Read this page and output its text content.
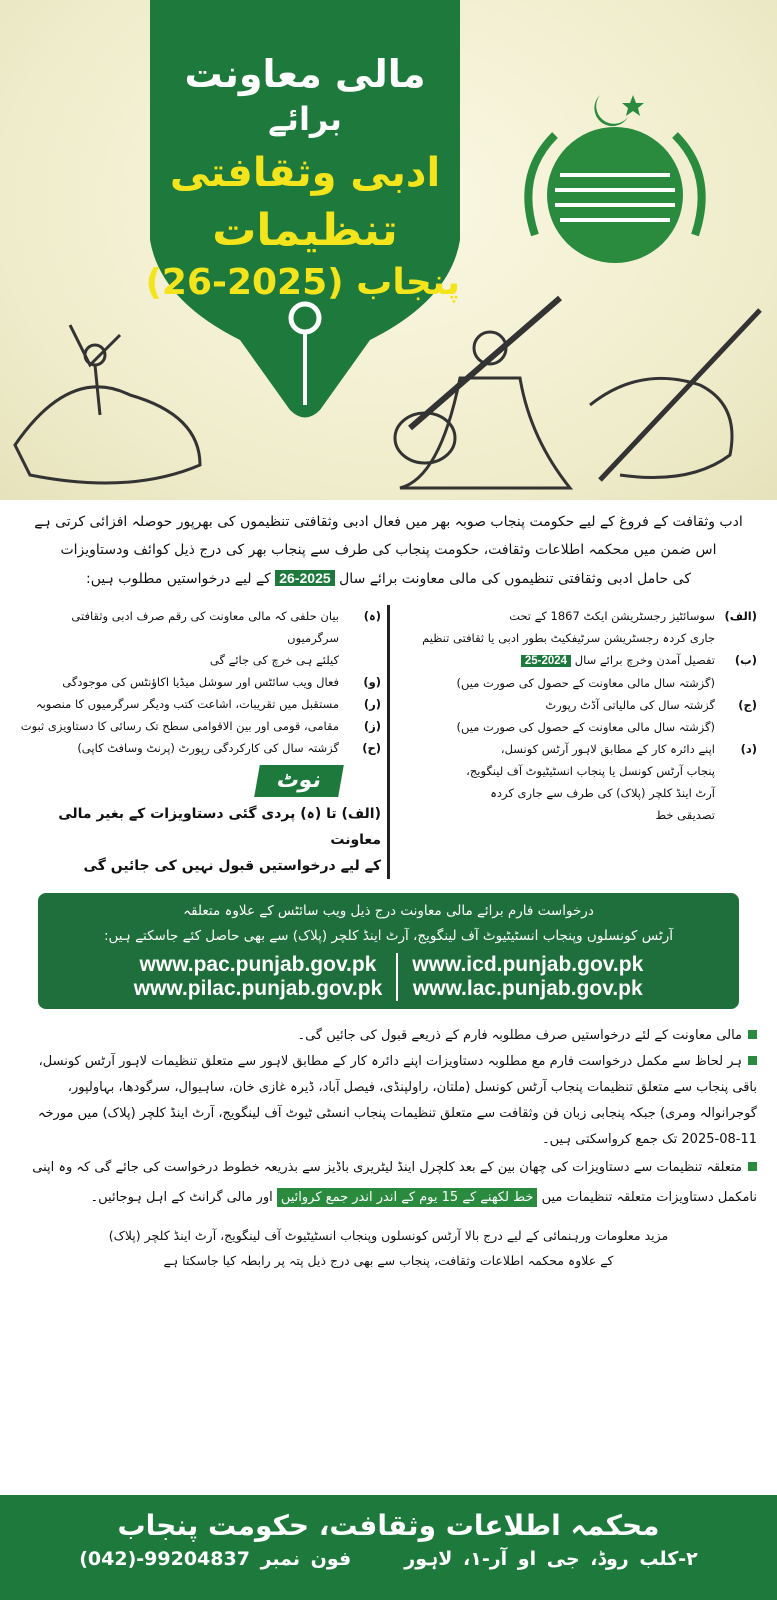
مالی معاونت
برائے
ادبی وثقافتی
تنظیمات
پنجاب (2025-26)
حکومت پنجاب
ادب وثقافت کے فروغ کے لیے حکومت پنجاب صوبہ بھر میں فعال ادبی وثقافتی تنظیموں کی بھرپور حوصلہ افزائی کرتی ہے
اس ضمن میں محکمہ اطلاعات وثقافت، حکومت پنجاب کی طرف سے پنجاب بھر کی درج ذیل کوائف ودستاویزات
کی حامل ادبی وثقافتی تنظیموں کی مالی معاونت برائے سال 2025-26 کے لیے درخواستیں مطلوب ہیں:
(الف)
سوسائٹیز رجسٹریشن ایکٹ 1867 کے تحت
جاری کردہ رجسٹریشن سرٹیفکیٹ بطور ادبی یا ثقافتی تنظیم
(ب)
تفصیل آمدن وخرچ برائے سال 2024-25
(گزشتہ سال مالی معاونت کے حصول کی صورت میں)
(ج)
گزشتہ سال کی مالیاتی آڈٹ رپورٹ
(گزشتہ سال مالی معاونت کے حصول کی صورت میں)
(د)
اپنے دائرہ کار کے مطابق لاہور آرٹس کونسل،
پنجاب آرٹس کونسل یا پنجاب انسٹیٹیوٹ آف لینگویج،
آرٹ اینڈ کلچر (پلاک) کی طرف سے جاری کردہ
تصدیقی خط
(ہ)
بیان حلفی کہ مالی معاونت کی رقم صرف ادبی وثقافتی سرگرمیوں
کیلئے ہی خرچ کی جائے گی
(و)
فعال ویب سائٹس اور سوشل میڈیا اکاؤنٹس کی موجودگی
(ر)
مستقبل میں تقریبات، اشاعت کتب ودیگر سرگرمیوں کا منصوبہ
(ز)
مقامی، قومی اور بین الاقوامی سطح تک رسائی کا دستاویزی ثبوت
(ح)
گزشتہ سال کی کارکردگی رپورٹ (پرنٹ وسافٹ کاپی)
نوٹ
(الف) تا (ہ) پردی گئی دستاویزات کے بغیر مالی معاونت
کے لیے درخواستیں قبول نہیں کی جائیں گی
درخواست فارم برائے مالی معاونت درج ذیل ویب سائٹس کے علاوہ متعلقہ
آرٹس کونسلوں وپنجاب انسٹیٹیوٹ آف لینگویج، آرٹ اینڈ کلچر (پلاک) سے بھی حاصل کئے جاسکتے ہیں:
www.pac.punjab.gov.pk
www.pilac.punjab.gov.pk
www.icd.punjab.gov.pk
www.lac.punjab.gov.pk
مالی معاونت کے لئے درخواستیں صرف مطلوبہ فارم کے ذریعے قبول کی جائیں گی۔
ہر لحاظ سے مکمل درخواست فارم مع مطلوبہ دستاویزات اپنے دائرہ کار کے مطابق لاہور سے متعلق تنظیمات لاہور آرٹس کونسل، باقی پنجاب سے متعلق تنظیمات پنجاب آرٹس کونسل (ملتان، راولپنڈی، فیصل آباد، ڈیرہ غازی خان، ساہیوال، سرگودھا، بہاولپور، گوجرانوالہ ومری) جبکہ پنجابی زبان فن وثقافت سے متعلق تنظیمات پنجاب انسٹی ٹیوٹ آف لینگویج، آرٹ اینڈ کلچر (پلاک) میں مورخہ 11-08-2025 تک جمع کرواسکتی ہیں۔
متعلقہ تنظیمات سے دستاویزات کی چھان بین کے بعد کلچرل اینڈ لیٹریری باڈیز سے بذریعہ خطوط درخواست کی جائے گی کہ وہ اپنی نامکمل دستاویزات متعلقہ تنظیمات میں خط لکھنے کے 15 یوم کے اندر اندر جمع کروائیں اور مالی گرانٹ کے اہل ہوجائیں۔
مزید معلومات ورہنمائی کے لیے درج بالا آرٹس کونسلوں وپنجاب انسٹیٹیوٹ آف لینگویج، آرٹ اینڈ کلچر (پلاک)
کے علاوہ محکمہ اطلاعات وثقافت، پنجاب سے بھی درج ذیل پتہ پر رابطہ کیا جاسکتا ہے
محکمہ اطلاعات وثقافت، حکومت پنجاب
۲-کلب روڈ، جی او آر-۱، لاہور     فون نمبر (042)-99204837
